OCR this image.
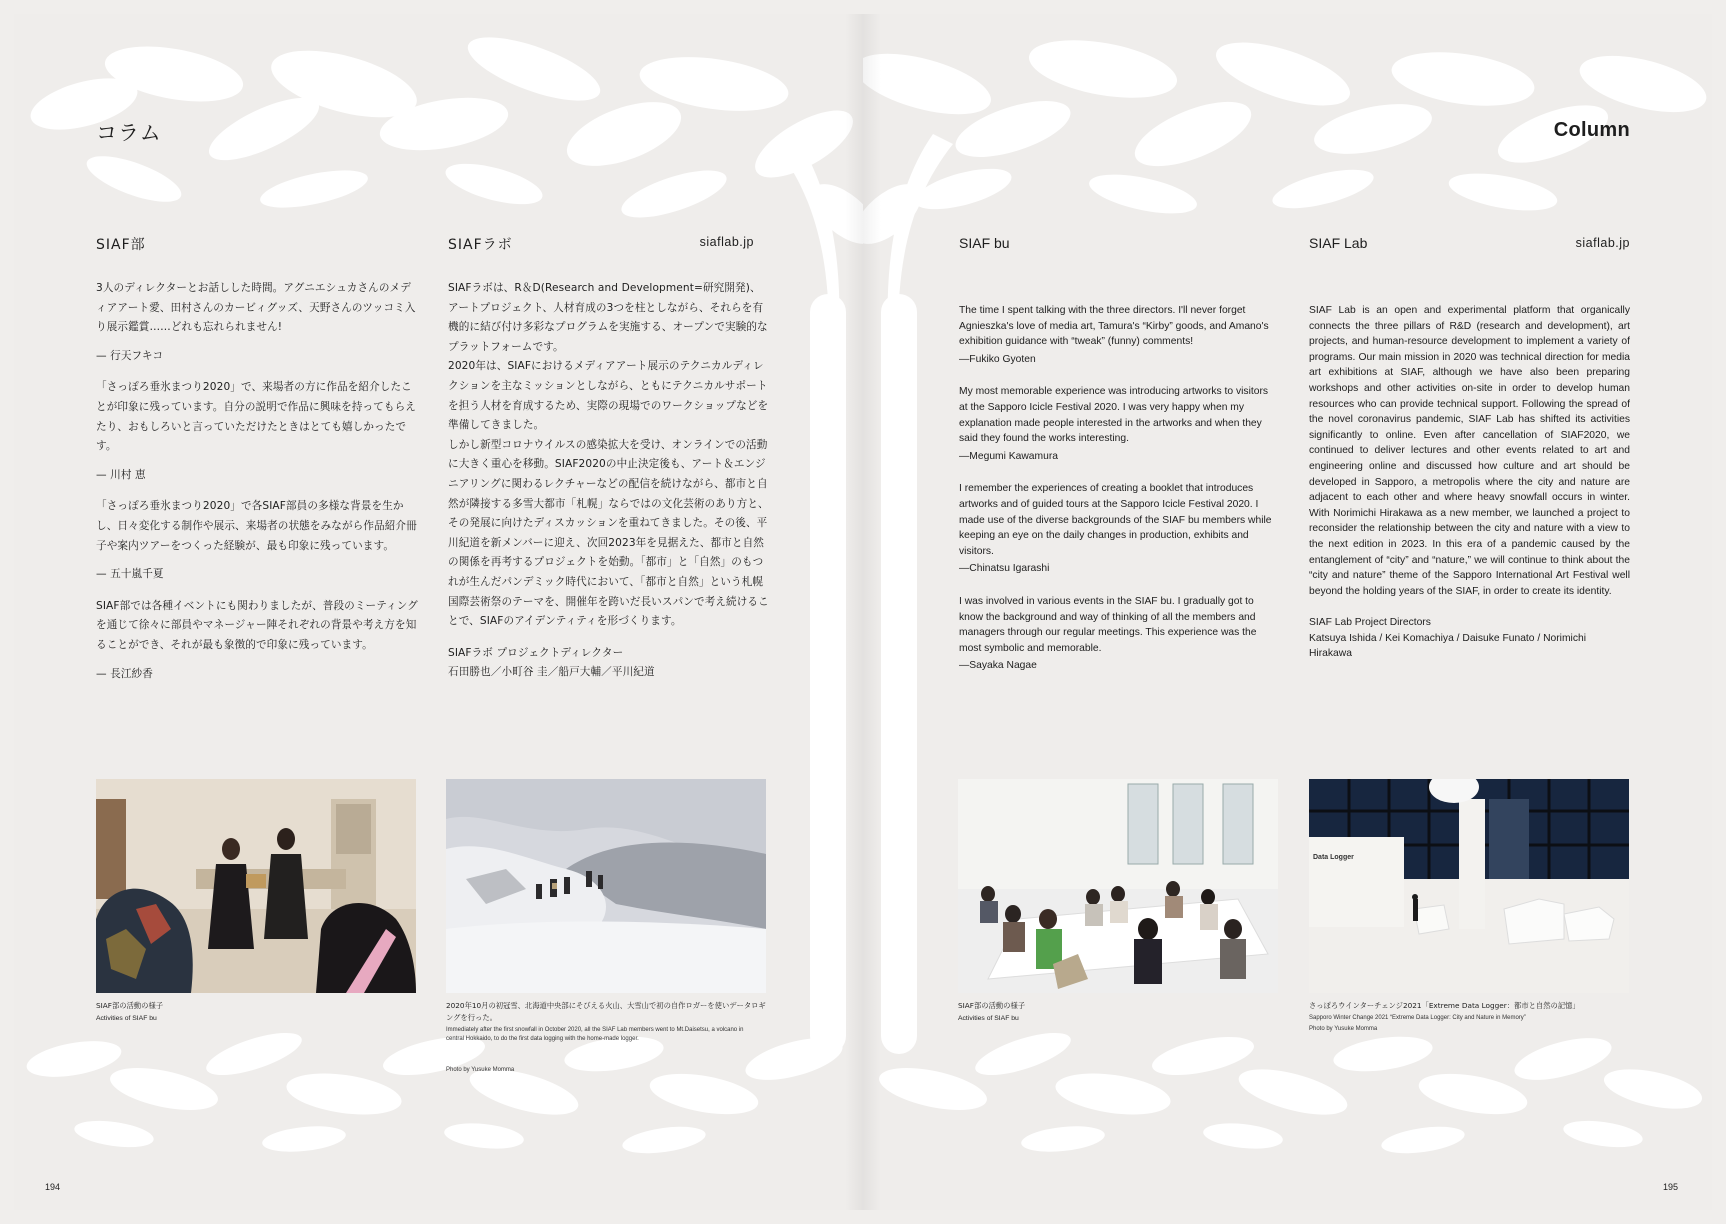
コラム
SIAF部

3人のディレクターとお話しした時間。アグニエシュカさんのメディアアート愛、田村さんのカービィグッズ、天野さんのツッコミ入り展示鑑賞……どれも忘れられません!

— 行天フキコ

「さっぽろ垂氷まつり2020」で、来場者の方に作品を紹介したことが印象に残っています。自分の説明で作品に興味を持ってもらえたり、おもしろいと言っていただけたときはとても嬉しかったです。

— 川村 恵

「さっぽろ垂氷まつり2020」で各SIAF部員の多様な背景を生かし、日々変化する制作や展示、来場者の状態をみながら作品紹介冊子や案内ツアーをつくった経験が、最も印象に残っています。

— 五十嵐千夏

SIAF部では各種イベントにも関わりましたが、普段のミーティングを通じて徐々に部員やマネージャー陣それぞれの背景や考え方を知ることができ、それが最も象徴的で印象に残っています。

— 長江紗香

SIAFラボ	siaflab.jp

SIAFラボは、R＆D(Research and Development=研究開発)、アートプロジェクト、人材育成の3つを柱としながら、それらを有機的に結び付け多彩なプログラムを実施する、オープンで実験的なプラットフォームです。

2020年は、SIAFにおけるメディアアート展示のテクニカルディレクションを主なミッションとしながら、ともにテクニカルサポートを担う人材を育成するため、実際の現場でのワークショップなどを準備してきました。

しかし新型コロナウイルスの感染拡大を受け、オンラインでの活動に大きく重心を移動。SIAF2020の中止決定後も、アート＆エンジニアリングに関わるレクチャーなどの配信を続けながら、都市と自然が隣接する多雪大都市「札幌」ならではの文化芸術のあり方と、その発展に向けたディスカッションを重ねてきました。その後、平川紀道を新メンバーに迎え、次回2023年を見据えた、都市と自然の関係を再考するプロジェクトを始動。「都市」と「自然」のもつれが生んだパンデミック時代において、「都市と自然」という札幌国際芸術祭のテーマを、開催年を跨いだ長いスパンで考え続けることで、SIAFのアイデンティティを形づくります。

SIAFラボ プロジェクトディレクター

石田勝也／小町谷 圭／船戸大輔／平川紀道

SIAF部の活動の様子
Activities of SIAF bu
2020年10月の初冠雪、北海道中央部にそびえる火山、大雪山で初の自作ロガーを使いデータロギングを行った。
Immediately after the first snowfall in October 2020, all the SIAF Lab members went to Mt.Daisetsu, a volcano in central Hokkaido, to do the first data logging with the home-made logger.
Photo by Yusuke Momma
194
Column
SIAF bu

The time I spent talking with the three directors. I'll never forget Agnieszka's love of media art, Tamura's “Kirby” goods, and Amano's exhibition guidance with “tweak” (funny) comments!

—Fukiko Gyoten

My most memorable experience was introducing artworks to visitors at the Sapporo Icicle Festival 2020. I was very happy when my explanation made people interested in the artworks and when they said they found the works interesting.

—Megumi Kawamura

I remember the experiences of creating a booklet that introduces artworks and of guided tours at the Sapporo Icicle Festival 2020. I made use of the diverse backgrounds of the SIAF bu members while keeping an eye on the daily changes in production, exhibits and visitors.

—Chinatsu Igarashi

I was involved in various events in the SIAF bu. I gradually got to know the background and way of thinking of all the members and managers through our regular meetings. This experience was the most symbolic and memorable.

—Sayaka Nagae

SIAF Lab	siaflab.jp

SIAF Lab is an open and experimental platform that organically connects the three pillars of R&D (research and development), art projects, and human-resource development to implement a variety of programs. Our main mission in 2020 was technical direction for media art exhibitions at SIAF, although we have also been preparing workshops and other activities on-site in order to develop human resources who can provide technical support. Following the spread of the novel coronavirus pandemic, SIAF Lab has shifted its activities significantly to online. Even after cancellation of SIAF2020, we continued to deliver lectures and other events related to art and engineering online and discussed how culture and art should be developed in Sapporo, a metropolis where the city and nature are adjacent to each other and where heavy snowfall occurs in winter. With Norimichi Hirakawa as a new member, we launched a project to reconsider the relationship between the city and nature with a view to the next edition in 2023. In this era of a pandemic caused by the entanglement of “city” and “nature,” we will continue to think about the “city and nature” theme of the Sapporo International Art Festival well beyond the holding years of the SIAF, in order to create its identity.

SIAF Lab Project Directors
Katsuya Ishida / Kei Komachiya / Daisuke Funato / Norimichi Hirakawa
SIAF部の活動の様子
Activities of SIAF bu
Data Logger
さっぽろウインターチェンジ2021「Extreme Data Logger：都市と自然の記憶」
Sapporo Winter Change 2021 “Extreme Data Logger: City and Nature in Memory”
Photo by Yusuke Momma
195
